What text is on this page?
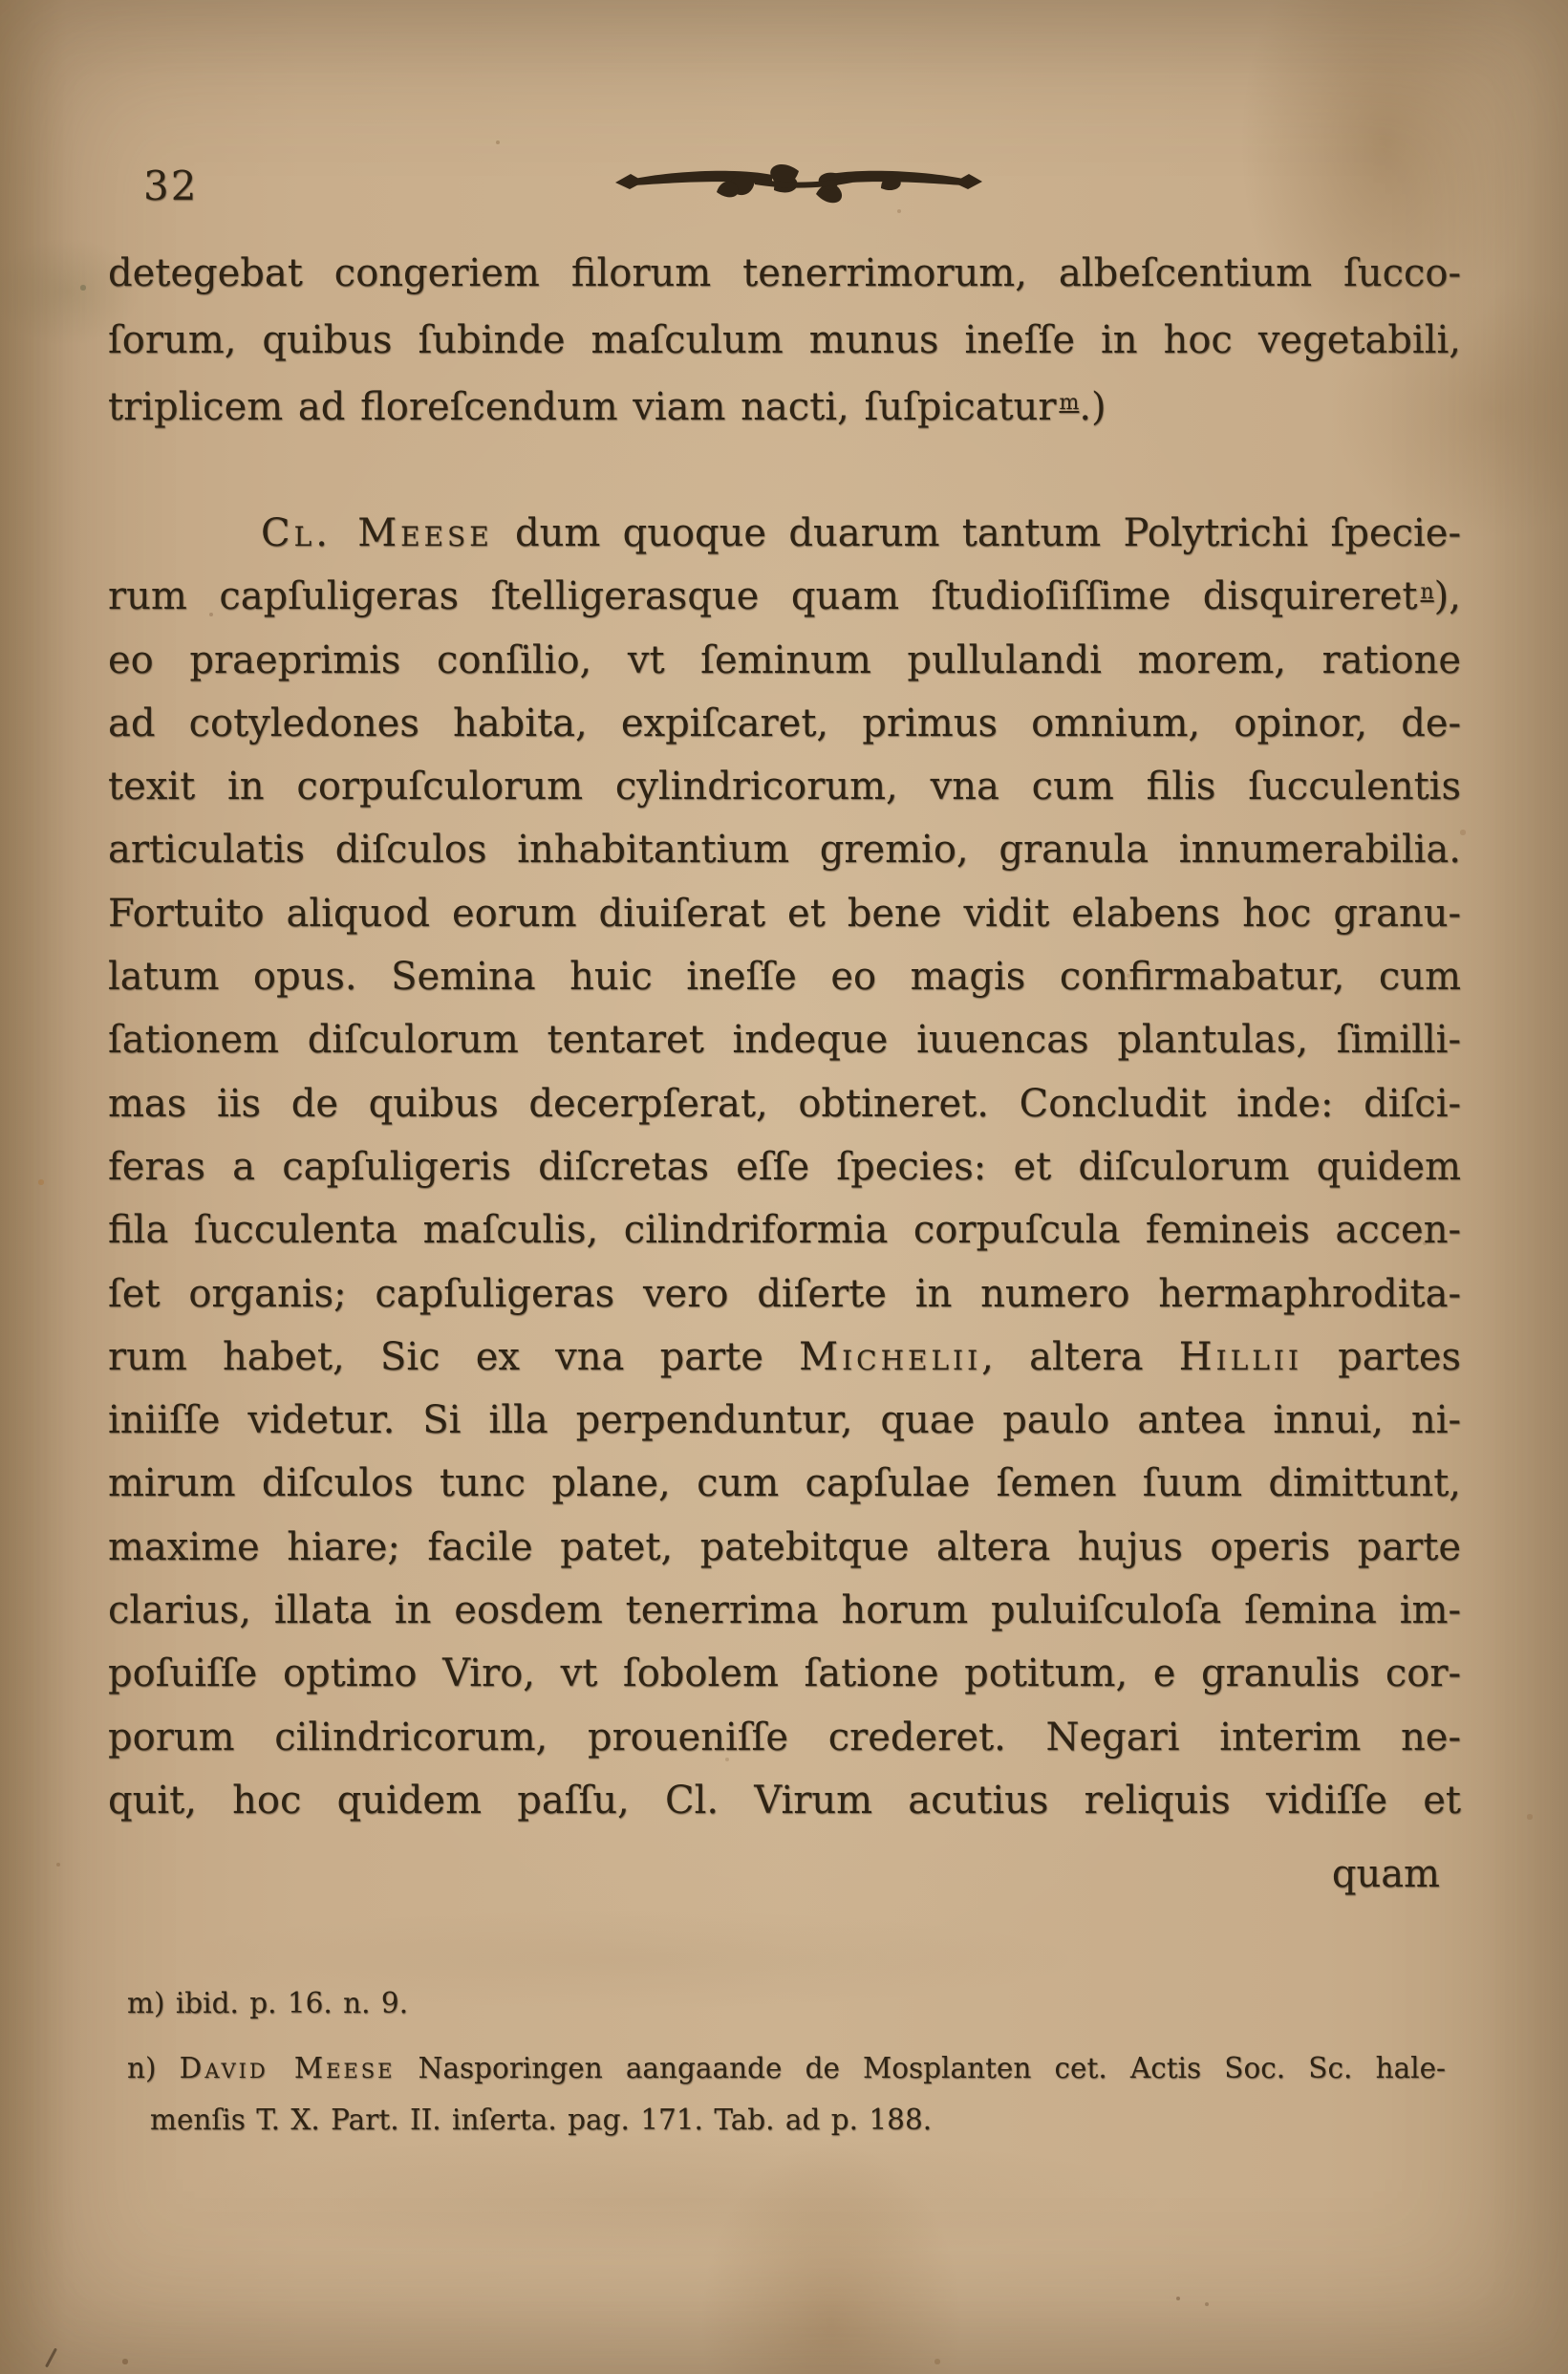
32
detegebat congeriem filorum tenerrimorum, albeſcentium ſucco-
ſorum, quibus ſubinde maſculum munus ineſſe in hoc vegetabili,
triplicem ad floreſcendum viam nacti, ſuſpicatur $^m$.)
Cl. Meese dum quoque duarum tantum Polytrichi ſpecie-
rum capſuligeras ſtelligerasque quam ſtudioſiſſime disquireret $^n$),
eo praeprimis conſilio, vt ſeminum pullulandi morem, ratione
ad cotyledones habita, expiſcaret, primus omnium, opinor, de-
texit in corpuſculorum cylindricorum, vna cum filis ſucculentis
articulatis diſculos inhabitantium gremio, granula innumerabilia.
Fortuito aliquod eorum diuiſerat et bene vidit elabens hoc granu-
latum opus. Semina huic ineſſe eo magis confirmabatur, cum
ſationem diſculorum tentaret indeque iuuencas plantulas, ſimilli-
mas iis de quibus decerpſerat, obtineret. Concludit inde: diſci-
feras a capſuligeris diſcretas eſſe ſpecies: et diſculorum quidem
fila ſucculenta maſculis, cilindriformia corpuſcula femineis accen-
ſet organis; capſuligeras vero diſerte in numero hermaphrodita-
rum habet, Sic ex vna parte Michelii, altera Hillii partes
iniiſſe videtur. Si illa perpenduntur, quae paulo antea innui, ni-
mirum diſculos tunc plane, cum capſulae ſemen ſuum dimittunt,
maxime hiare; facile patet, patebitque altera hujus operis parte
clarius, illata in eosdem tenerrima horum puluiſculoſa ſemina im-
poſuiſſe optimo Viro, vt ſobolem ſatione potitum, e granulis cor-
porum cilindricorum, proueniſſe crederet. Negari interim ne-
quit, hoc quidem paſſu, Cl. Virum acutius reliquis vidiſſe et
quam
m) ibid. p. 16. n. 9.
n) David Meese Nasporingen aangaande de Mosplanten cet. Actis Soc. Sc. hale-
menſis T. X. Part. II. inſerta. pag. 171. Tab. ad p. 188.
